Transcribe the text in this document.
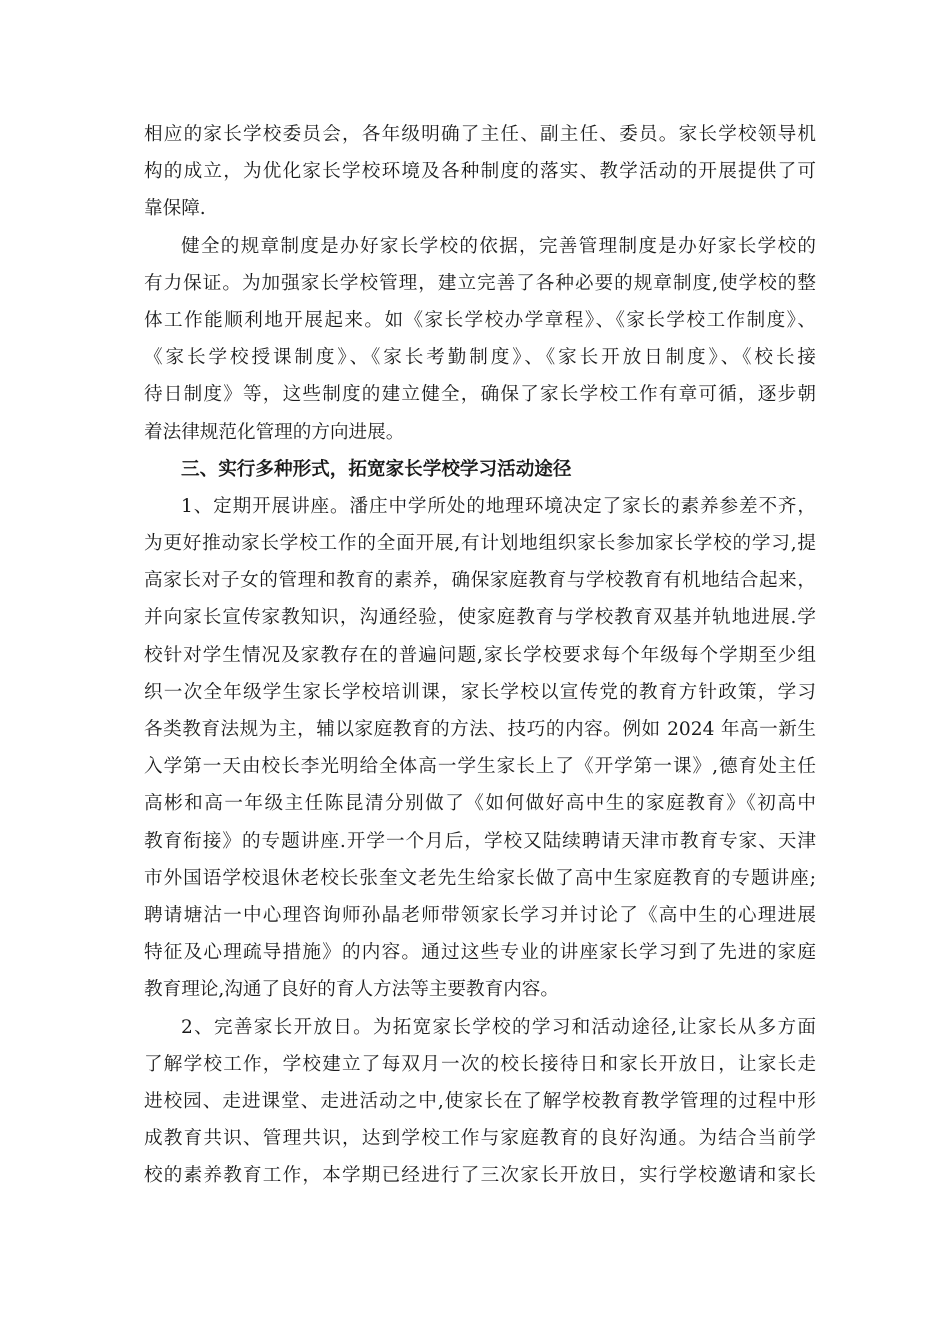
相应的家长学校委员会，各年级明确了主任、副主任、委员。家长学校领导机
构的成立，为优化家长学校环境及各种制度的落实、教学活动的开展提供了可
靠保障.
健全的规章制度是办好家长学校的依据，完善管理制度是办好家长学校的
有力保证。为加强家长学校管理，建立完善了各种必要的规章制度,使学校的整
体工作能顺利地开展起来。如《家长学校办学章程》、《家长学校工作制度》、
《家长学校授课制度》、《家长考勤制度》、《家长开放日制度》、《校长接
待日制度》等，这些制度的建立健全，确保了家长学校工作有章可循，逐步朝
着法律规范化管理的方向进展。
三、实行多种形式，拓宽家长学校学习活动途径
1、定期开展讲座。潘庄中学所处的地理环境决定了家长的素养参差不齐，
为更好推动家长学校工作的全面开展,有计划地组织家长参加家长学校的学习,提
高家长对子女的管理和教育的素养，确保家庭教育与学校教育有机地结合起来，
并向家长宣传家教知识，沟通经验，使家庭教育与学校教育双基并轨地进展.学
校针对学生情况及家教存在的普遍问题,家长学校要求每个年级每个学期至少组
织一次全年级学生家长学校培训课，家长学校以宣传党的教育方针政策，学习
各类教育法规为主，辅以家庭教育的方法、技巧的内容。例如 2024 年高一新生
入学第一天由校长李光明给全体高一学生家长上了《开学第一课》,德育处主任
高彬和高一年级主任陈昆清分别做了《如何做好高中生的家庭教育》《初高中
教育衔接》的专题讲座.开学一个月后，学校又陆续聘请天津市教育专家、天津
市外国语学校退休老校长张奎文老先生给家长做了高中生家庭教育的专题讲座;
聘请塘沽一中心理咨询师孙晶老师带领家长学习并讨论了《高中生的心理进展
特征及心理疏导措施》的内容。通过这些专业的讲座家长学习到了先进的家庭
教育理论,沟通了良好的育人方法等主要教育内容。
2、完善家长开放日。为拓宽家长学校的学习和活动途径,让家长从多方面
了解学校工作，学校建立了每双月一次的校长接待日和家长开放日，让家长走
进校园、走进课堂、走进活动之中,使家长在了解学校教育教学管理的过程中形
成教育共识、管理共识，达到学校工作与家庭教育的良好沟通。为结合当前学
校的素养教育工作，本学期已经进行了三次家长开放日，实行学校邀请和家长
